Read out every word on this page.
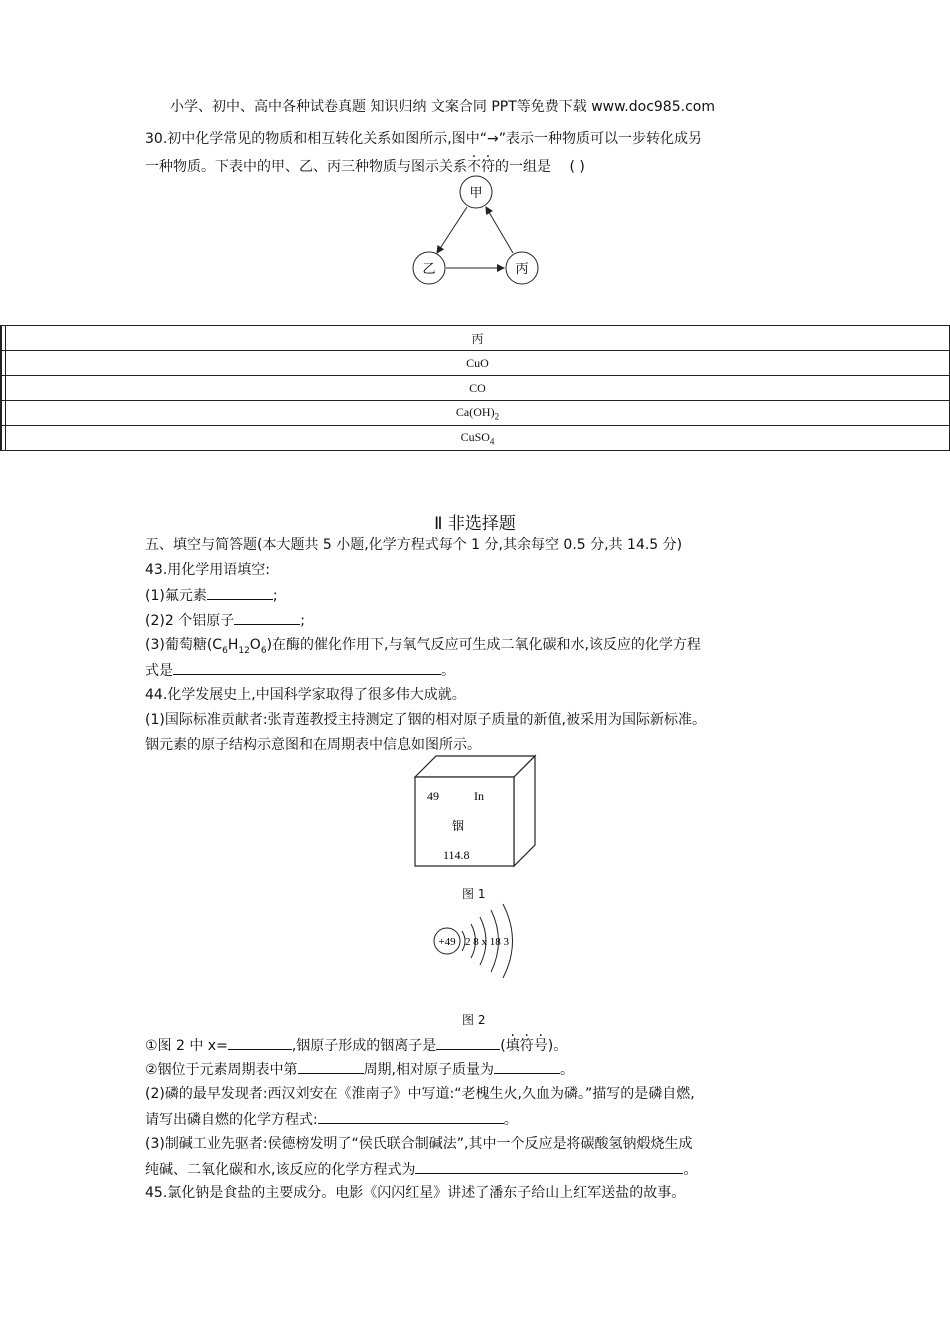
小学、初中、高中各种试卷真题 知识归纳 文案合同 PPT等免费下载 www.doc985.com
30.初中化学常见的物质和相互转化关系如图所示,图中“→”表示一种物质可以一步转化成另
一种物质。下表中的甲、乙、丙三种物质与图示关系不符的一组是 ( )
甲
乙	丙
	丙
	CuO
	CO
	$Ca(OH)_2$
	CuSO$_4$
Ⅱ 非选择题
五、填空与简答题(本大题共 5 小题,化学方程式每个 1 分,其余每空 0.5 分,共 14.5 分)
43.用化学用语填空:
(1)氟元素	;
(2)2 个铝原子	;
(3)葡萄糖$(C_6H_{12}O_6)$在酶的催化作用下,与氧气反应可生成二氧化碳和水,该反应的化学方程
式是	。
44.化学发展史上,中国科学家取得了很多伟大成就。
(1)国际标准贡献者:张青莲教授主持测定了铟的相对原子质量的新值,被采用为国际新标准。
铟元素的原子结构示意图和在周期表中信息如图所示。
49	In
铟
114.8
图 1
+49 2 8 x 18 3
图 2
①图 2 中 x=	,铟原子形成的铟离子是	(填符号)。
②铟位于元素周期表中第	周期,相对原子质量为	。
(2)磷的最早发现者:西汉刘安在《淮南子》中写道:“老槐生火,久血为磷。”描写的是磷自燃,
请写出磷自燃的化学方程式:	。
(3)制碱工业先驱者:侯德榜发明了“侯氏联合制碱法”,其中一个反应是将碳酸氢钠煅烧生成
纯碱、二氧化碳和水,该反应的化学方程式为	。
45.氯化钠是食盐的主要成分。电影《闪闪红星》讲述了潘东子给山上红军送盐的故事。
